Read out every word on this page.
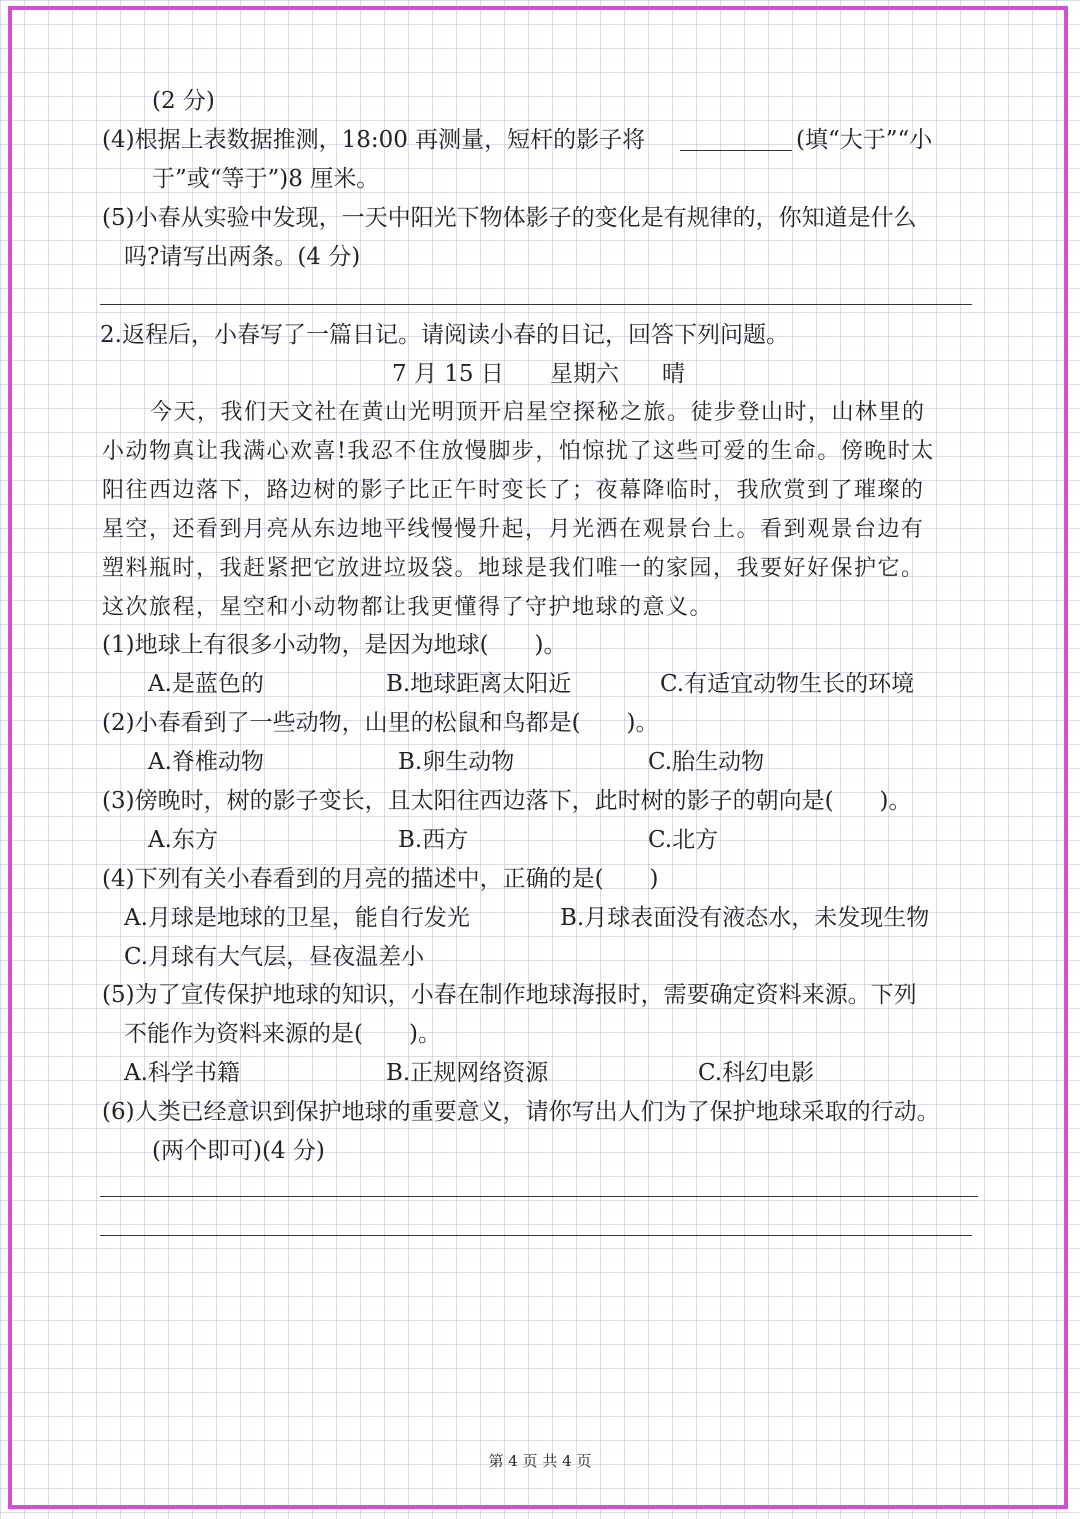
(2 分)
(4)根据上表数据推测，18:00 再测量，短杆的影子将	(填“大于”“小
于”或“等于”)8 厘米。
(5)小春从实验中发现，一天中阳光下物体影子的变化是有规律的，你知道是什么
吗?请写出两条。(4 分)
2.返程后，小春写了一篇日记。请阅读小春的日记，回答下列问题。
7 月 15 日 星期六 晴
今天，我们天文社在黄山光明顶开启星空探秘之旅。徒步登山时，山林里的
小动物真让我满心欢喜!我忍不住放慢脚步，怕惊扰了这些可爱的生命。傍晚时太
阳往西边落下，路边树的影子比正午时变长了；夜幕降临时，我欣赏到了璀璨的
星空，还看到月亮从东边地平线慢慢升起，月光洒在观景台上。看到观景台边有
塑料瓶时，我赶紧把它放进垃圾袋。地球是我们唯一的家园，我要好好保护它。
这次旅程，星空和小动物都让我更懂得了守护地球的意义。
(1)地球上有很多小动物，是因为地球(　　)。
A.是蓝色的	B.地球距离太阳近	C.有适宜动物生长的环境
(2)小春看到了一些动物，山里的松鼠和鸟都是(　　)。
A.脊椎动物	B.卵生动物	C.胎生动物
(3)傍晚时，树的影子变长，且太阳往西边落下，此时树的影子的朝向是(　　)。
A.东方	B.西方	C.北方
(4)下列有关小春看到的月亮的描述中，正确的是(　　)
A.月球是地球的卫星，能自行发光	B.月球表面没有液态水，未发现生物
C.月球有大气层，昼夜温差小
(5)为了宣传保护地球的知识，小春在制作地球海报时，需要确定资料来源。下列
不能作为资料来源的是(　　)。
A.科学书籍	B.正规网络资源	C.科幻电影
(6)人类已经意识到保护地球的重要意义，请你写出人们为了保护地球采取的行动。
(两个即可)(4 分)
第 4 页 共 4 页
